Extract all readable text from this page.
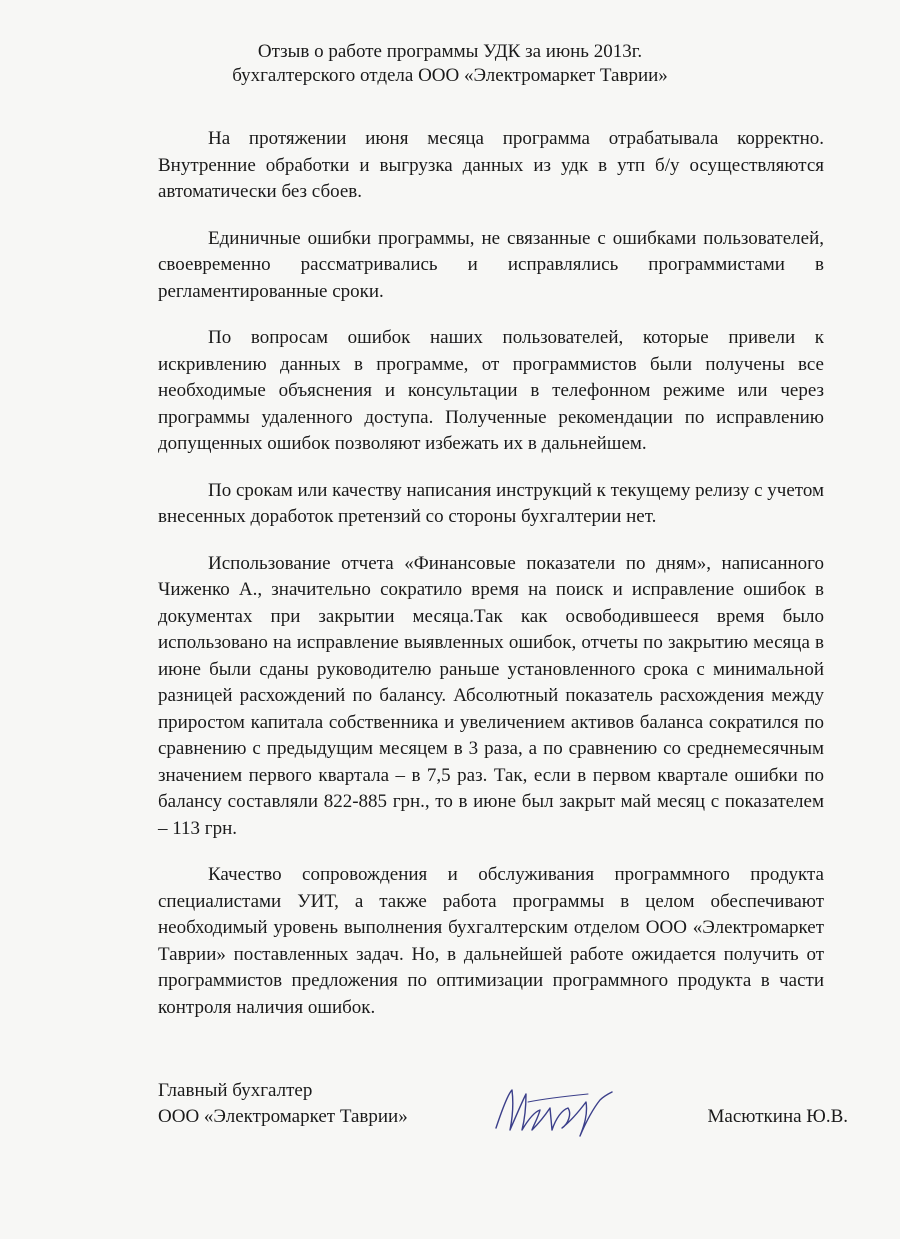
Отзыв о работе программы УДК за июнь 2013г.
бухгалтерского отдела ООО «Электромаркет Таврии»

На протяжении июня месяца программа отрабатывала корректно. Внутренние обработки и выгрузка данных из удк в утп б/у осуществляются автоматически без сбоев.

Единичные ошибки программы, не связанные с ошибками пользователей, своевременно рассматривались и исправлялись программистами в регламентированные сроки.

По вопросам ошибок наших пользователей, которые привели к искривлению данных в программе, от программистов были получены все необходимые объяснения и консультации в телефонном режиме или через программы удаленного доступа. Полученные рекомендации по исправлению допущенных ошибок позволяют избежать их в дальнейшем.

По срокам или качеству написания инструкций к текущему релизу с учетом внесенных доработок претензий со стороны бухгалтерии нет.

Использование отчета «Финансовые показатели по дням», написанного Чиженко А., значительно сократило время на поиск и исправление ошибок в документах при закрытии месяца.Так как освободившееся время было использовано на исправление выявленных ошибок, отчеты по закрытию месяца в июне были сданы руководителю раньше установленного срока с минимальной разницей расхождений по балансу. Абсолютный показатель расхождения между приростом капитала собственника и увеличением активов баланса сократился по сравнению с предыдущим месяцем в 3 раза, а по сравнению со среднемесячным значением первого квартала – в 7,5 раз. Так, если в первом квартале ошибки по балансу составляли 822-885 грн., то в июне был закрыт май месяц с показателем – 113 грн.

Качество сопровождения и обслуживания программного продукта специалистами УИТ, а также работа программы в целом обеспечивают необходимый уровень выполнения бухгалтерским отделом ООО «Электромаркет Таврии» поставленных задач. Но, в дальнейшей работе ожидается получить от программистов предложения по оптимизации программного продукта в части контроля наличия ошибок.

Главный бухгалтер
ООО «Электромаркет Таврии»	Масюткина Ю.В.
